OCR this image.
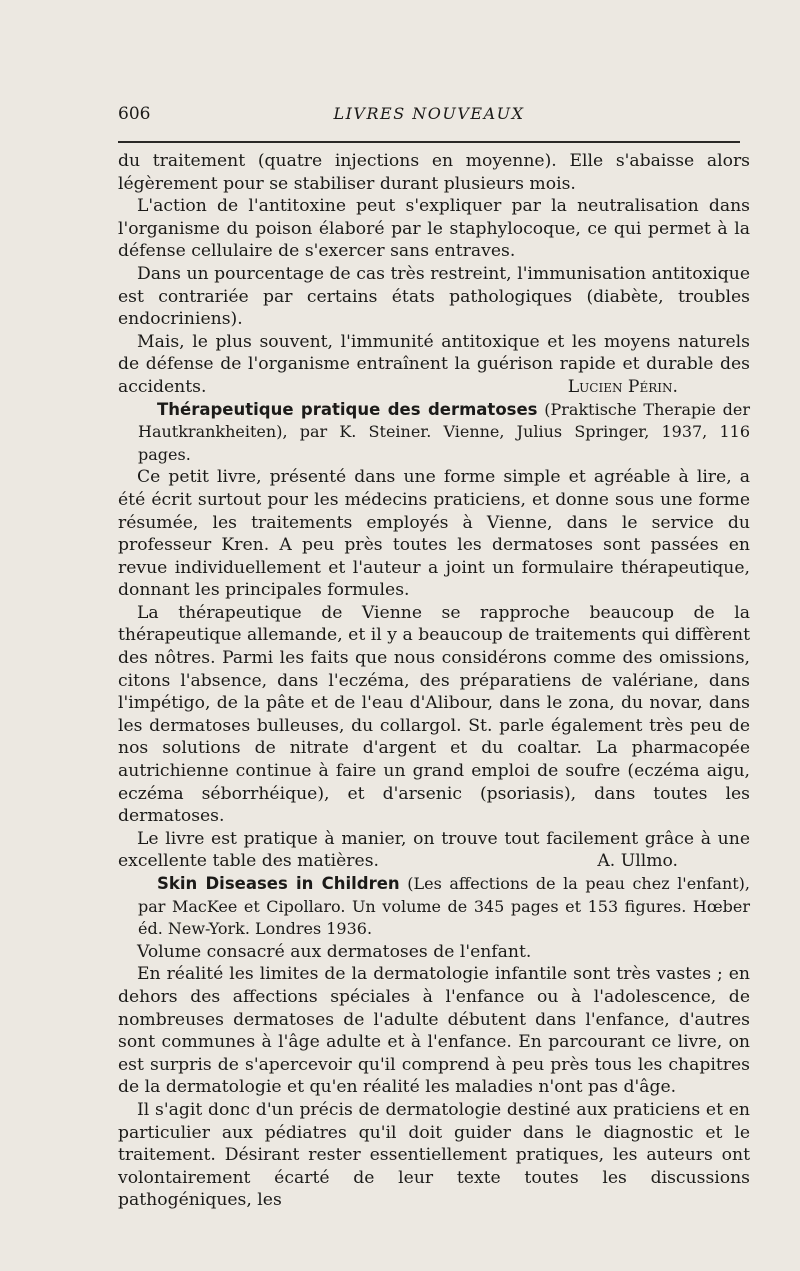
606	LIVRES NOUVEAUX

du traitement (quatre injections en moyenne). Elle s'abaisse alors légèrement pour se stabiliser durant plusieurs mois.

L'action de l'antitoxine peut s'expliquer par la neutralisation dans l'organisme du poison élaboré par le staphylocoque, ce qui permet à la défense cellulaire de s'exercer sans entraves.

Dans un pourcentage de cas très restreint, l'immunisation antitoxique est contrariée par certains états pathologiques (diabète, troubles endocriniens).

Mais, le plus souvent, l'immunité antitoxique et les moyens naturels de défense de l'organisme entraînent la guérison rapide et durable des accidents.	Lucien Périn.

Thérapeutique pratique des dermatoses (Praktische Therapie der Hautkrankheiten), par K. Steiner. Vienne, Julius Springer, 1937, 116 pages.

Ce petit livre, présenté dans une forme simple et agréable à lire, a été écrit surtout pour les médecins praticiens, et donne sous une forme résumée, les traitements employés à Vienne, dans le service du professeur Kren. A peu près toutes les dermatoses sont passées en revue individuellement et l'auteur a joint un formulaire thérapeutique, donnant les principales formules.

La thérapeutique de Vienne se rapproche beaucoup de la thérapeutique allemande, et il y a beaucoup de traitements qui diffèrent des nôtres. Parmi les faits que nous considérons comme des omissions, citons l'absence, dans l'eczéma, des préparatiens de valériane, dans l'impétigo, de la pâte et de l'eau d'Alibour, dans le zona, du novar, dans les dermatoses bulleuses, du collargol. St. parle également très peu de nos solutions de nitrate d'argent et du coaltar. La pharmacopée autrichienne continue à faire un grand emploi de soufre (eczéma aigu, eczéma séborrhéique), et d'arsenic (psoriasis), dans toutes les dermatoses.

Le livre est pratique à manier, on trouve tout facilement grâce à une excellente table des matières.	A. Ullmo.

Skin Diseases in Children (Les affections de la peau chez l'enfant), par MacKee et Cipollaro. Un volume de 345 pages et 153 figures. Hœber éd. New-York. Londres 1936.

Volume consacré aux dermatoses de l'enfant.

En réalité les limites de la dermatologie infantile sont très vastes ; en dehors des affections spéciales à l'enfance ou à l'adolescence, de nombreuses dermatoses de l'adulte débutent dans l'enfance, d'autres sont communes à l'âge adulte et à l'enfance. En parcourant ce livre, on est surpris de s'apercevoir qu'il comprend à peu près tous les chapitres de la dermatologie et qu'en réalité les maladies n'ont pas d'âge.

Il s'agit donc d'un précis de dermatologie destiné aux praticiens et en particulier aux pédiatres qu'il doit guider dans le diagnostic et le traitement. Désirant rester essentiellement pratiques, les auteurs ont volontairement écarté de leur texte toutes les discussions pathogéniques, les
